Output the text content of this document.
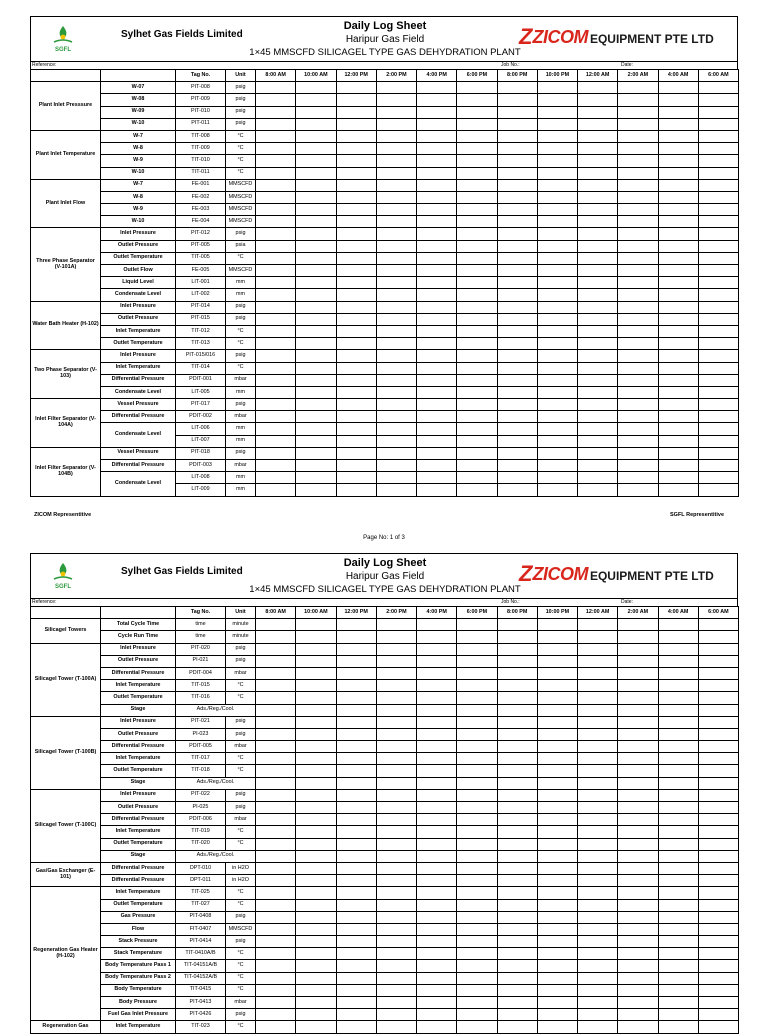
SGFL
Sylhet Gas Fields Limited
Daily Log Sheet
Haripur Gas Field
1×45 MMSCFD SILICAGEL TYPE GAS DEHYDRATION PLANT
Z ZICOM EQUIPMENT PTE LTD
Reference:	Job No.:	Date:
		Tag No.	Unit	8:00 AM	10:00 AM	12:00 PM	2:00 PM	4:00 PM	6:00 PM	8:00 PM	10:00 PM	12:00 AM	2:00 AM	4:00 AM	6:00 AM
Plant Inlet Presssure	W-07	PIT-008	psig												
	W-08	PIT-009	psig												
	W-09	PIT-010	psig												
	W-10	PIT-011	psig												
Plant Inlet Temperature	W-7	TIT-008	°C												
	W-8	TIT-009	°C												
	W-9	TIT-010	°C												
	W-10	TIT-011	°C												
Plant Inlet Flow	W-7	FE-001	MMSCFD												
	W-8	FE-002	MMSCFD												
	W-9	FE-003	MMSCFD												
	W-10	FE-004	MMSCFD												
Three Phase Separator (V-101A)	Inlet Pressure	PIT-012	psig												
	Outlet Pressure	PIT-005	psia												
	Outlet Temperature	TIT-005	°C												
	Outlet Flow	FE-005	MMSCFD												
	Liquid Level	LIT-001	mm												
	Condensate Level	LIT-002	mm												
Water Bath Heater (H-102)	Inlet Pressure	PIT-014	psig												
	Outlet Pressure	PIT-015	psig												
	Inlet Temperature	TIT-012	°C												
	Outlet Temperature	TIT-013	°C												
Two Phase Separator (V-103)	Inlet Pressure	PIT-015/016	psig												
	Inlet Temperature	TIT-014	°C												
	Differential Pressure	PDIT-001	mbar												
	Condensate Level	LIT-005	mm												
Inlet Filter Separator (V-104A)	Vessel Pressure	PIT-017	psig												
	Differential Pressure	PDIT-002	mbar												
	Condensate Level	LIT-006	mm												
		LIT-007	mm												
Inlet Filter Separator (V-104B)	Vessel Pressure	PIT-018	psig												
	Differential Pressure	PDIT-003	mbar												
	Condensate Level	LIT-008	mm												
		LIT-009	mm												
ZICOM Representitive	SGFL Representitive
Page No: 1 of 3
SGFL
Sylhet Gas Fields Limited
Daily Log Sheet
Haripur Gas Field
1×45 MMSCFD SILICAGEL TYPE GAS DEHYDRATION PLANT
Z ZICOM EQUIPMENT PTE LTD
Reference:	Job No.:	Date:
		Tag No.	Unit	8:00 AM	10:00 AM	12:00 PM	2:00 PM	4:00 PM	6:00 PM	8:00 PM	10:00 PM	12:00 AM	2:00 AM	4:00 AM	6:00 AM
Silicagel Towers	Total Cycle Time	time	minute												
	Cycle Run Time	time	minute												
Silicagel Tower (T-100A)	Inlet Pressure	PIT-020	psig												
	Outlet Pressure	PI-021	psig												
	Differential Pressure	PDIT-004	mbar												
	Inlet Temperature	TIT-015	°C												
	Outlet Temperature	TIT-016	°C												
	Stage	Ads./Reg./Cool.													
Silicagel Tower (T-100B)	Inlet Pressure	PIT-021	psig												
	Outlet Pressure	PI-023	psig												
	Differential Pressure	PDIT-005	mbar												
	Inlet Temperature	TIT-017	°C												
	Outlet Temperature	TIT-018	°C												
	Stage	Ads./Reg./Cool.													
Silicagel Tower (T-100C)	Inlet Pressure	PIT-022	psig												
	Outlet Pressure	PI-025	psig												
	Differential Pressure	PDIT-006	mbar												
	Inlet Temperature	TIT-019	°C												
	Outlet Temperature	TIT-020	°C												
	Stage	Ads./Reg./Cool.													
Gas/Gas Exchanger (E-101)	Differential Pressure	DPT-010	in H2O												
	Differential Pressure	DPT-011	in H2O												
Regeneration Gas Heater (H-102)	Inlet Temperature	TIT-025	°C												
	Outlet Temperature	TIT-027	°C												
	Gas Pressure	PIT-0408	psig												
	Flow	FIT-0407	MMSCFD												
	Stack Pressure	PIT-0414	psig												
	Stack Temperature	TIT-0410A/B	°C												
	Body Temperature Pass 1	TIT-04151A/B	°C												
	Body Temperature Pass 2	TIT-04152A/B	°C												
	Body Temperature	TIT-0415	°C												
	Body Pressure	PIT-0413	mbar												
	Fuel Gas Inlet Pressure	PIT-0426	psig												
Regeneration Gas	Inlet Temperature	TIT-023	°C												
